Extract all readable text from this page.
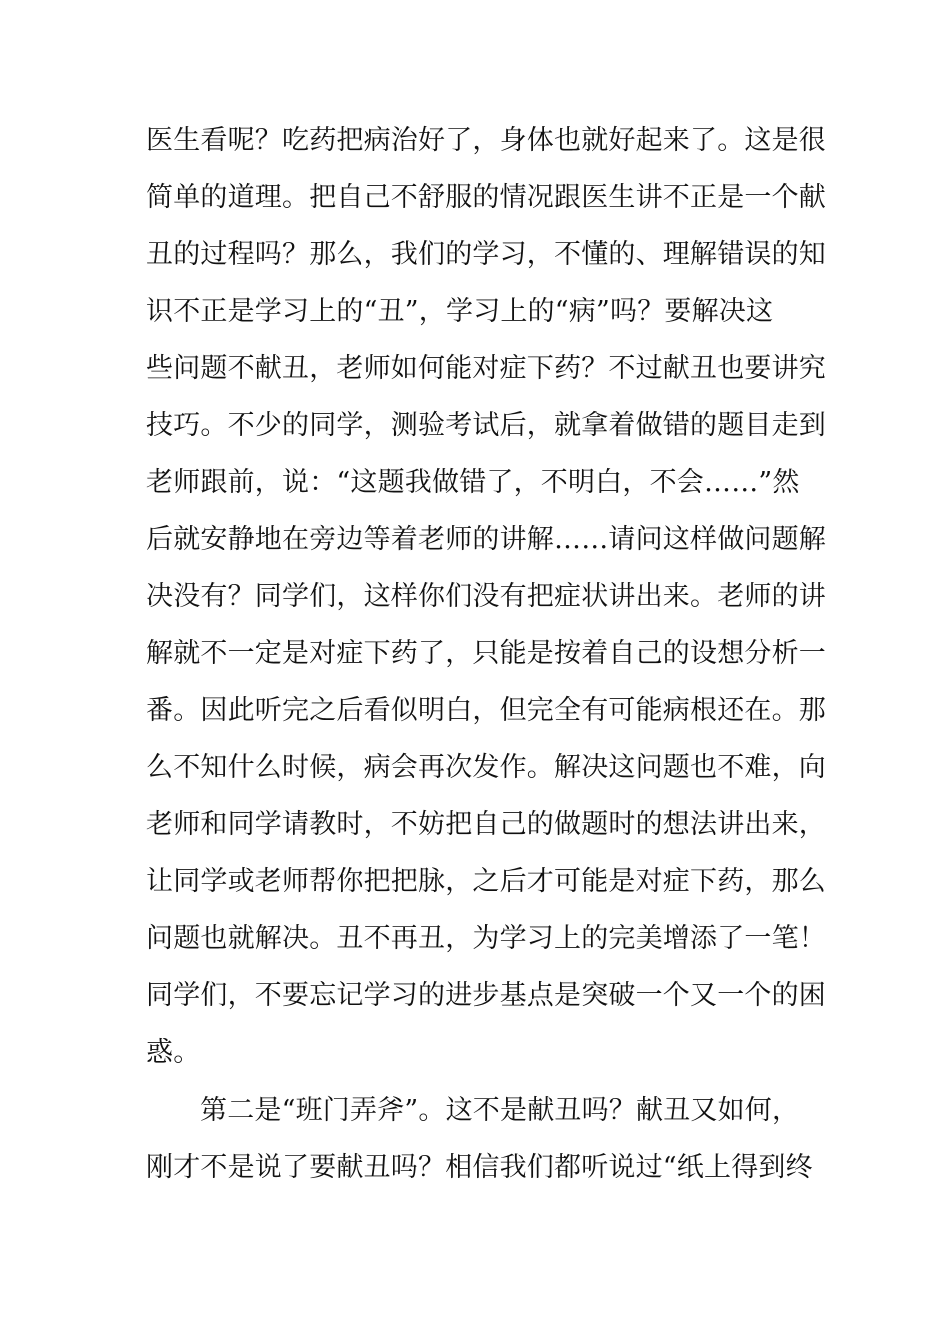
医生看呢？吃药把病治好了，身体也就好起来了。这是很
简单的道理。把自己不舒服的情况跟医生讲不正是一个献
丑的过程吗？那么，我们的学习，不懂的、理解错误的知
识不正是学习上的“丑”，学习上的“病”吗？要解决这
些问题不献丑，老师如何能对症下药？不过献丑也要讲究
技巧。不少的同学，测验考试后，就拿着做错的题目走到
老师跟前，说：“这题我做错了，不明白，不会……”然
后就安静地在旁边等着老师的讲解……请问这样做问题解
决没有？同学们，这样你们没有把症状讲出来。老师的讲
解就不一定是对症下药了，只能是按着自己的设想分析一
番。因此听完之后看似明白，但完全有可能病根还在。那
么不知什么时候，病会再次发作。解决这问题也不难，向
老师和同学请教时，不妨把自己的做题时的想法讲出来，
让同学或老师帮你把把脉，之后才可能是对症下药，那么
问题也就解决。丑不再丑，为学习上的完美增添了一笔！
同学们，不要忘记学习的进步基点是突破一个又一个的困
惑。
第二是“班门弄斧”。这不是献丑吗？献丑又如何，
刚才不是说了要献丑吗？相信我们都听说过“纸上得到终
